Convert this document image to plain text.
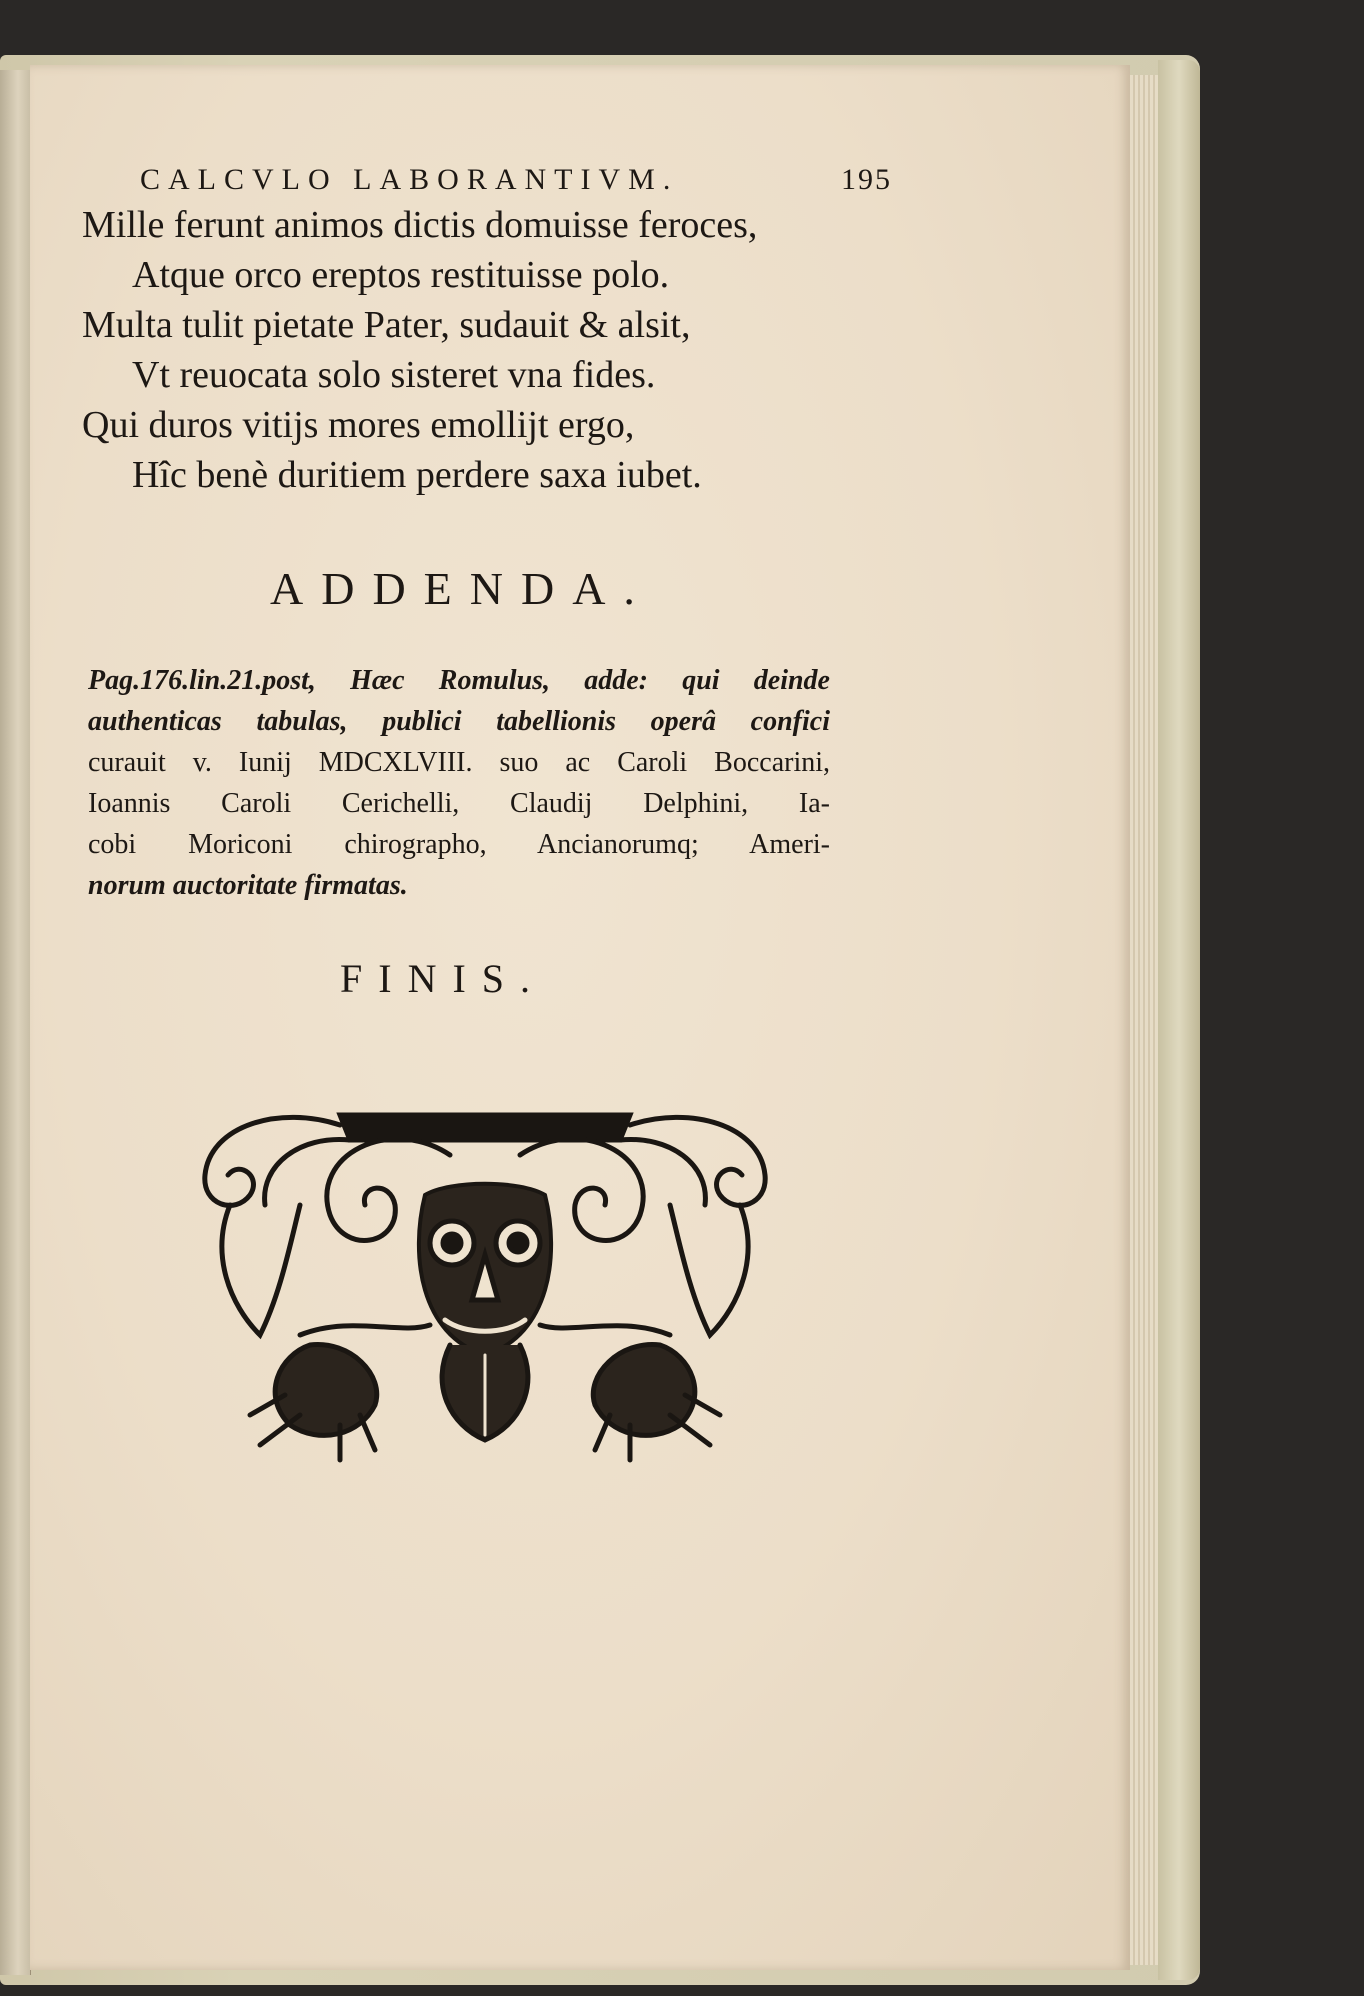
CALCVLO LABORANTIVM.	195
Mille ferunt animos dictis domuisse feroces,
Atque orco ereptos restituisse polo.
Multa tulit pietate Pater, sudauit & alsit,
Vt reuocata solo sisteret vna fides.
Qui duros vitijs mores emollijt ergo,
Hîc benè duritiem perdere saxa iubet.
ADDENDA.
Pag.176.lin.21.post, Hæc Romulus, adde: qui deinde
authenticas tabulas, publici tabellionis operâ confici
curauit v. Iunij MDCXLVIII. suo ac Caroli Boccarini,
Ioannis Caroli Cerichelli, Claudij Delphini, Ia-
cobi Moriconi chirographo, Ancianorumq; Ameri-
norum auctoritate firmatas.
FINIS.
